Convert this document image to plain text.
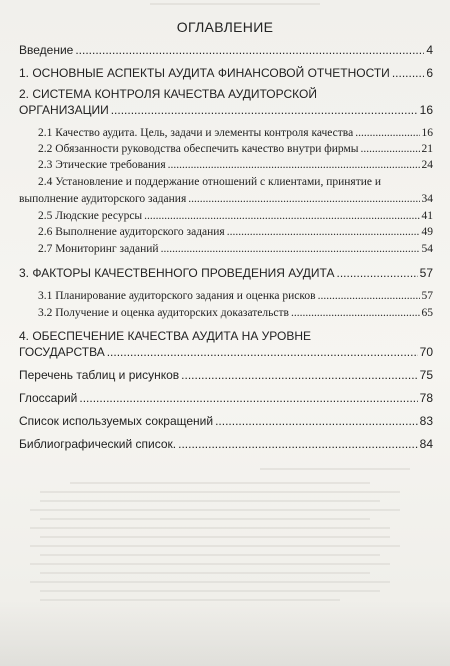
ОГЛАВЛЕНИЕ
Введение .....	4
1. ОСНОВНЫЕ АСПЕКТЫ АУДИТА ФИНАНСОВОЙ ОТЧЕТНОСТИ .....	6
2. СИСТЕМА КОНТРОЛЯ КАЧЕСТВА АУДИТОРСКОЙ
ОРГАНИЗАЦИИ .....	16
2.1 Качество аудита. Цель, задачи и элементы контроля качества .....	16
2.2 Обязанности руководства обеспечить качество внутри фирмы .....	21
2.3 Этические требования .....	24
2.4 Установление и поддержание отношений с клиентами, принятие и
выполнение аудиторского задания .....	34
2.5 Людские ресурсы .....	41
2.6 Выполнение аудиторского задания .....	49
2.7 Мониторинг заданий .....	54
3. ФАКТОРЫ КАЧЕСТВЕННОГО ПРОВЕДЕНИЯ АУДИТА .....	57
3.1 Планирование аудиторского задания и оценка рисков .....	57
3.2 Получение и оценка аудиторских доказательств .....	65
4. ОБЕСПЕЧЕНИЕ КАЧЕСТВА АУДИТА НА УРОВНЕ
ГОСУДАРСТВА .....	70
Перечень таблиц и рисунков .....	75
Глоссарий .....	78
Список используемых сокращений .....	83
Библиографический список. .....	84
